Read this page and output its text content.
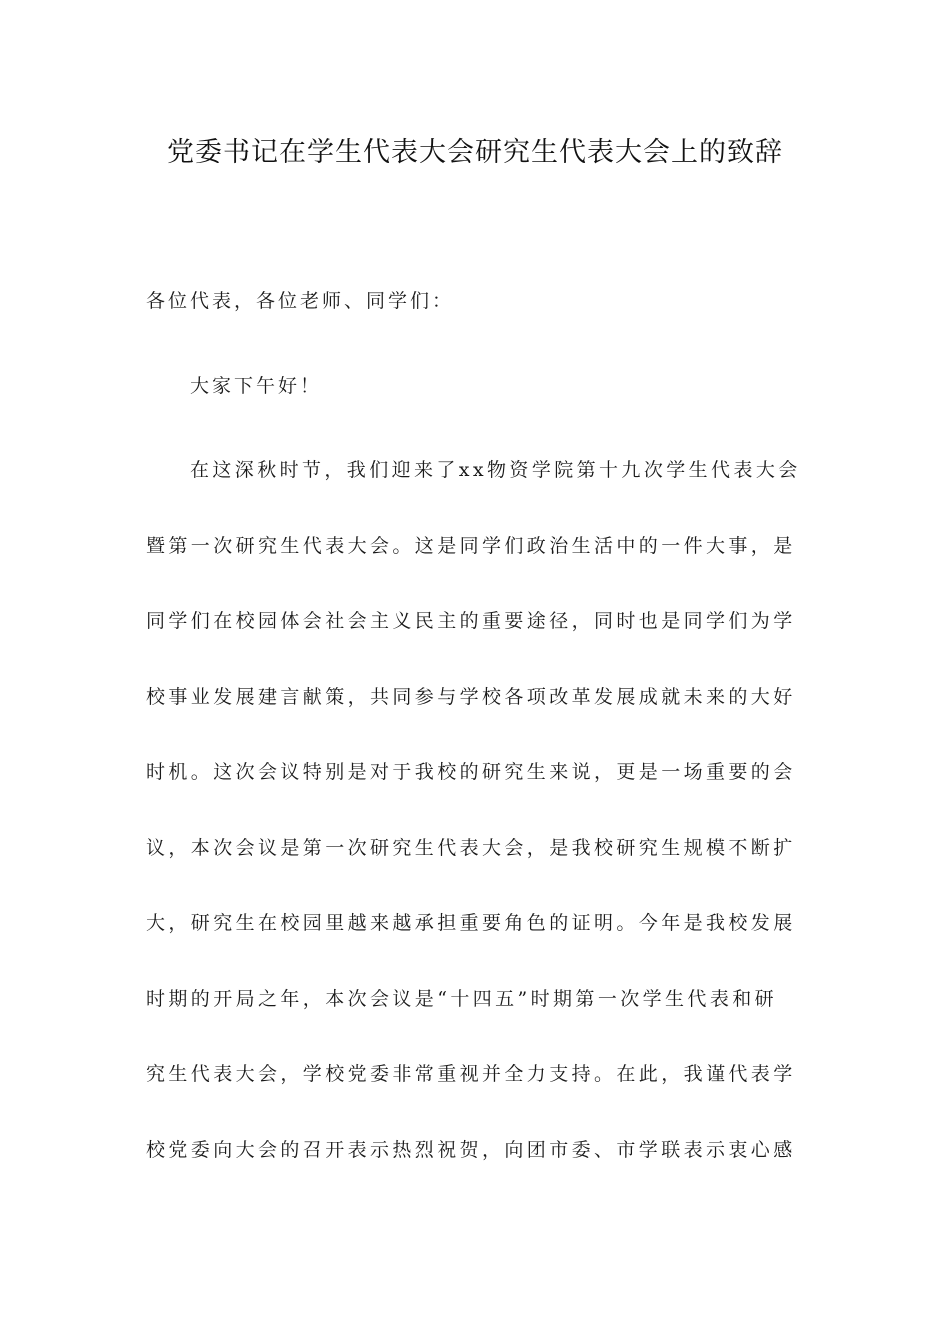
党委书记在学生代表大会研究生代表大会上的致辞
各位代表，各位老师、同学们：
大家下午好！
在这深秋时节，我们迎来了xx物资学院第十九次学生代表大会
暨第一次研究生代表大会。这是同学们政治生活中的一件大事，是
同学们在校园体会社会主义民主的重要途径，同时也是同学们为学
校事业发展建言献策，共同参与学校各项改革发展成就未来的大好
时机。这次会议特别是对于我校的研究生来说，更是一场重要的会
议，本次会议是第一次研究生代表大会，是我校研究生规模不断扩
大，研究生在校园里越来越承担重要角色的证明。今年是我校发展
时期的开局之年，本次会议是“十四五”时期第一次学生代表和研
究生代表大会，学校党委非常重视并全力支持。在此，我谨代表学
校党委向大会的召开表示热烈祝贺，向团市委、市学联表示衷心感
